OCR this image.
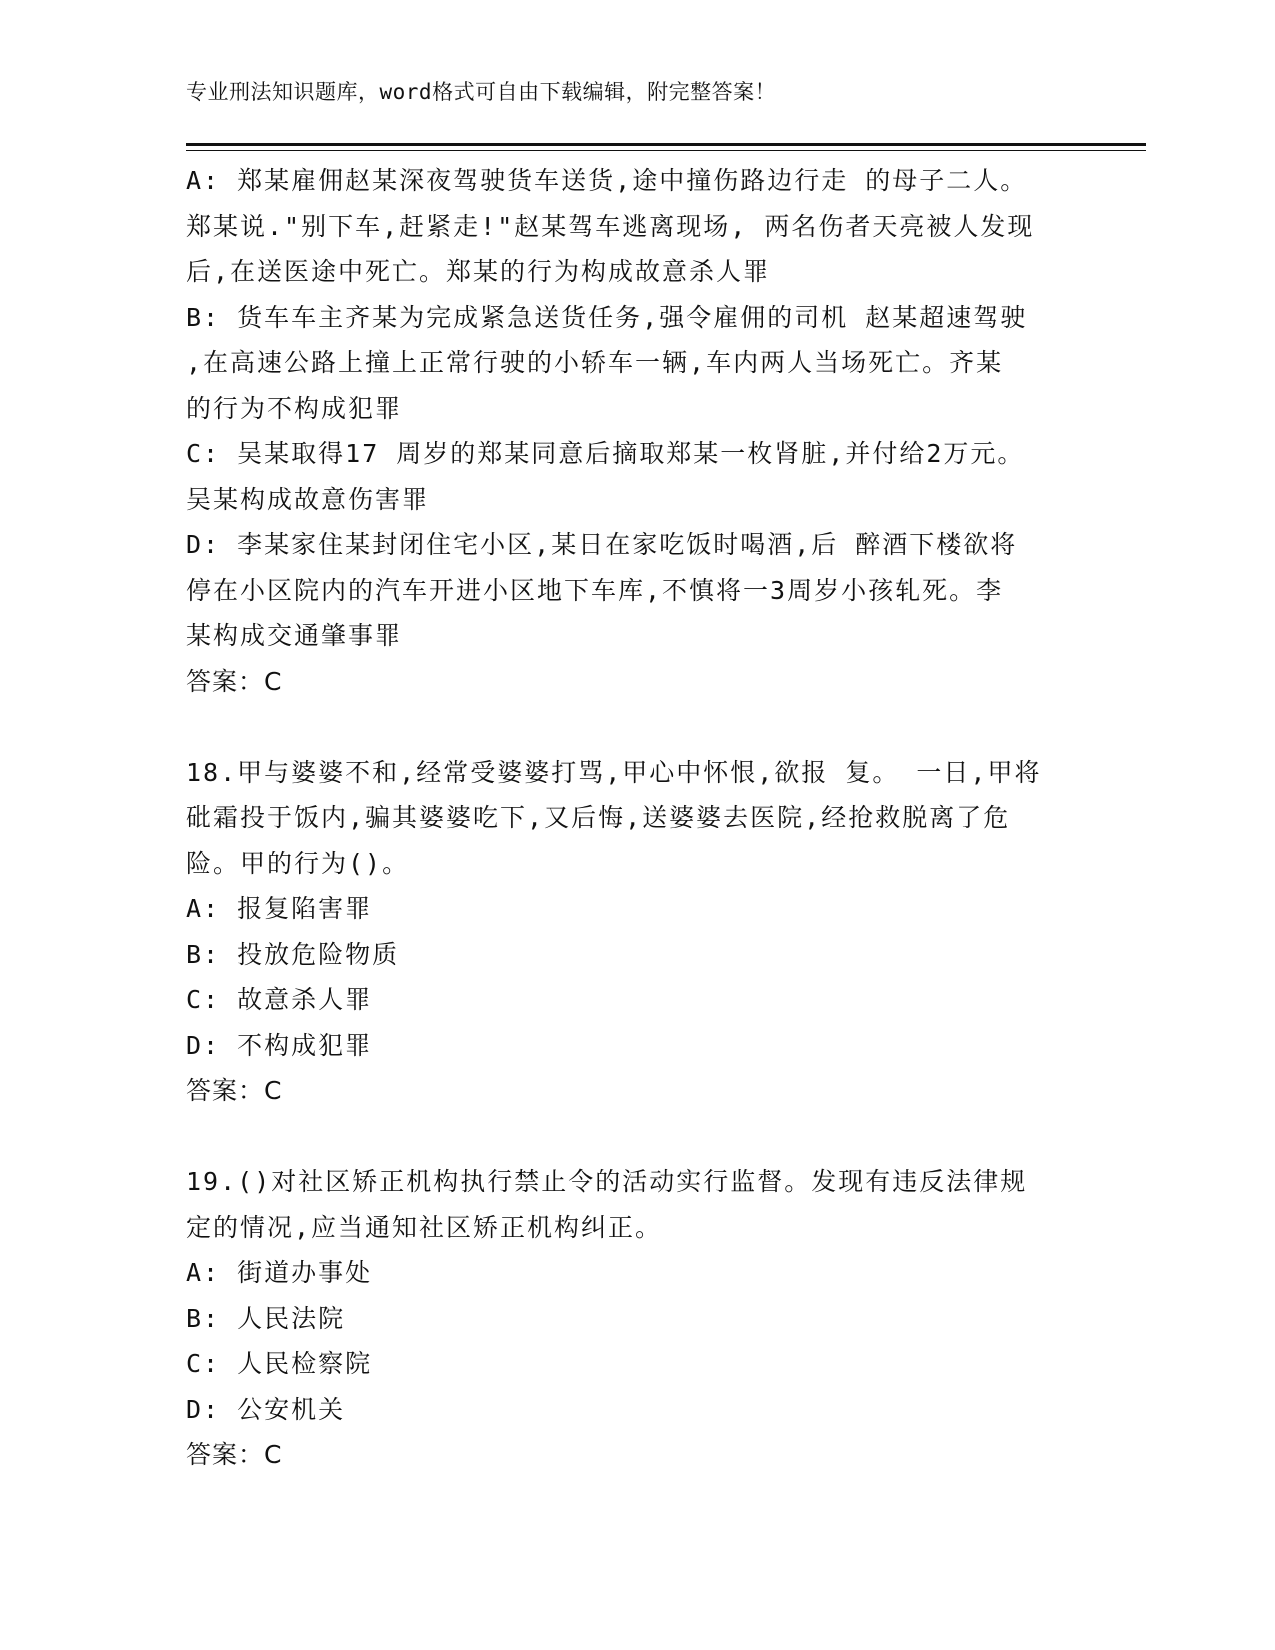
专业刑法知识题库，word格式可自由下载编辑，附完整答案！
A: 郑某雇佣赵某深夜驾驶货车送货,途中撞伤路边行走 的母子二人。
郑某说."别下车,赶紧走!"赵某驾车逃离现场, 两名伤者天亮被人发现
后,在送医途中死亡。郑某的行为构成故意杀人罪
B: 货车车主齐某为完成紧急送货任务,强令雇佣的司机 赵某超速驾驶
,在高速公路上撞上正常行驶的小轿车一辆,车内两人当场死亡。齐某
的行为不构成犯罪
C: 吴某取得17 周岁的郑某同意后摘取郑某一枚肾脏,并付给2万元。
吴某构成故意伤害罪
D: 李某家住某封闭住宅小区,某日在家吃饭时喝酒,后 醉酒下楼欲将
停在小区院内的汽车开进小区地下车库,不慎将一3周岁小孩轧死。李
某构成交通肇事罪
答案：C
18.甲与婆婆不和,经常受婆婆打骂,甲心中怀恨,欲报 复。 一日,甲将
砒霜投于饭内,骗其婆婆吃下,又后悔,送婆婆去医院,经抢救脱离了危
险。甲的行为()。
A: 报复陷害罪
B: 投放危险物质
C: 故意杀人罪
D: 不构成犯罪
答案：C
19.()对社区矫正机构执行禁止令的活动实行监督。发现有违反法律规
定的情况,应当通知社区矫正机构纠正。
A: 街道办事处
B: 人民法院
C: 人民检察院
D: 公安机关
答案：C
